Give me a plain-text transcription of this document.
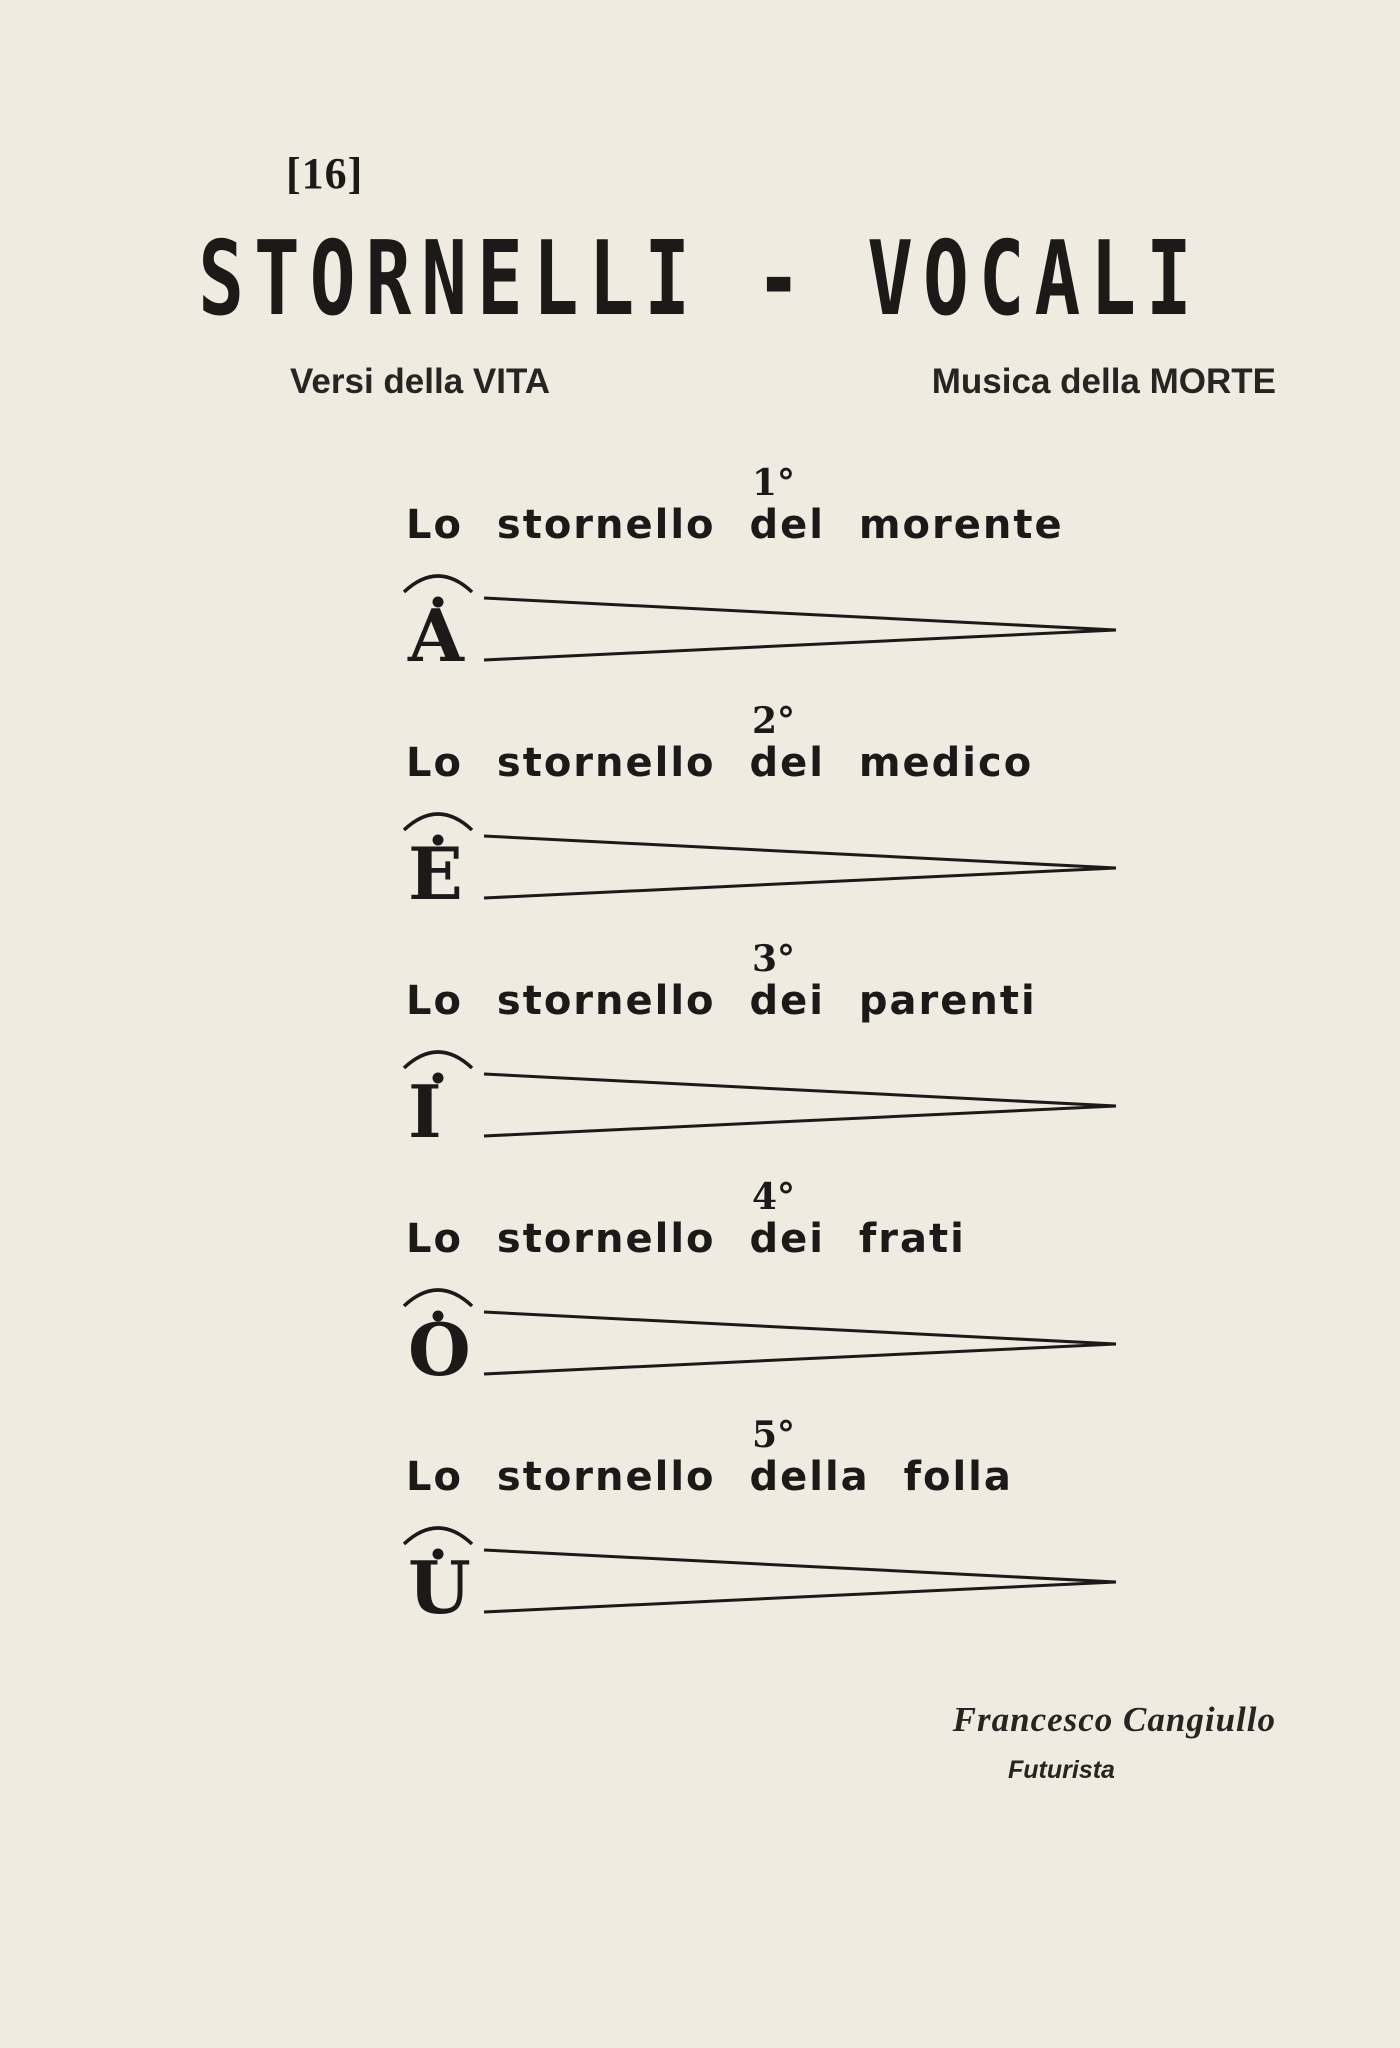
[16]
STORNELLI - VOCALI
Versi della VITA	Musica della MORTE
1°
Lo stornello del morente
A
2°
Lo stornello del medico
E
3°
Lo stornello dei parenti
I
4°
Lo stornello dei frati
O
5°
Lo stornello della folla
U
Francesco Cangiullo
Futurista
